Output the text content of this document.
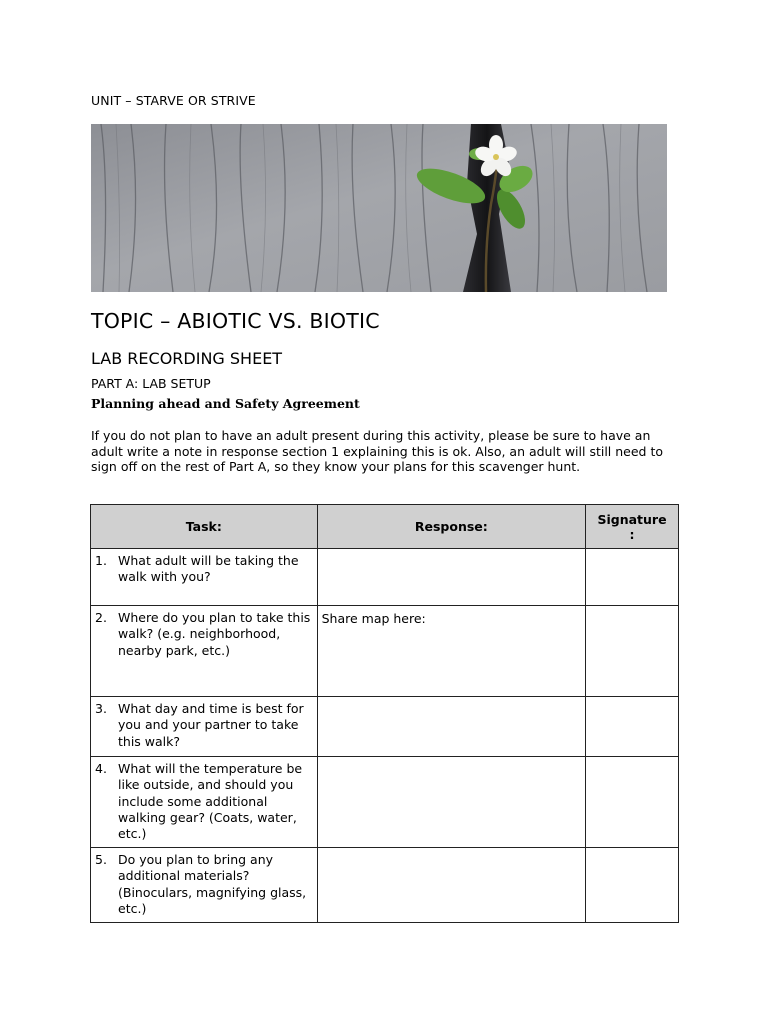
UNIT – STARVE OR STRIVE
TOPIC – ABIOTIC VS. BIOTIC
LAB RECORDING SHEET
PART A: LAB SETUP
Planning ahead and Safety Agreement
If you do not plan to have an adult present during this activity, please be sure to have an adult write a note in response section 1 explaining this is ok. Also, an adult will still need to sign off on the rest of Part A, so they know your plans for this scavenger hunt.
Task:	Response:	Signature
:

1. What adult will be taking the walk with you?		

2. Where do you plan to take this walk? (e.g. neighborhood, nearby park, etc.)	Share map here:	

3. What day and time is best for you and your partner to take this walk?		

4. What will the temperature be like outside, and should you include some additional walking gear? (Coats, water, etc.)		

5. Do you plan to bring any additional materials? (Binoculars, magnifying glass, etc.)		
